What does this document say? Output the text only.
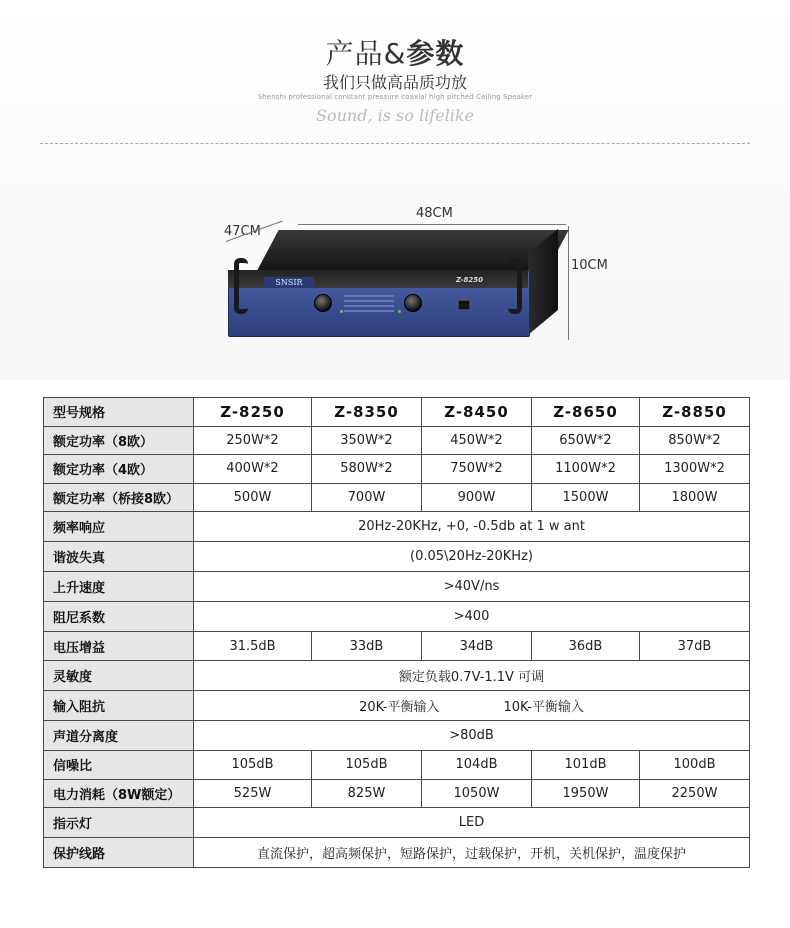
产品&参数
我们只做高品质功放
Shenshi professional constant pressure coaxial high pitched Ceiling Speaker
Sound, is so lifelike
48CM
47CM
10CM
SNSIR	Z-8250
型号规格	Z-8250	Z-8350	Z-8450	Z-8650	Z-8850
额定功率（8欧）	250W*2	350W*2	450W*2	650W*2	850W*2
额定功率（4欧）	400W*2	580W*2	750W*2	1100W*2	1300W*2
额定功率（桥接8欧）	500W	700W	900W	1500W	1800W
频率响应	20Hz-20KHz, +0, -0.5db at 1 w ant				
谐波失真	(0.05\20Hz-20KHz)				
上升速度	>40V/ns				
阻尼系数	>400				
电压增益	31.5dB	33dB	34dB	36dB	37dB
灵敏度	额定负载0.7V-1.1V 可调				
输入阻抗	20K-平衡输入 10K-平衡输入				
声道分离度	>80dB				
信噪比	105dB	105dB	104dB	101dB	100dB
电力消耗（8W额定）	525W	825W	1050W	1950W	2250W
指示灯	LED				
保护线路	直流保护，超高频保护，短路保护，过载保护，开机，关机保护，温度保护				
